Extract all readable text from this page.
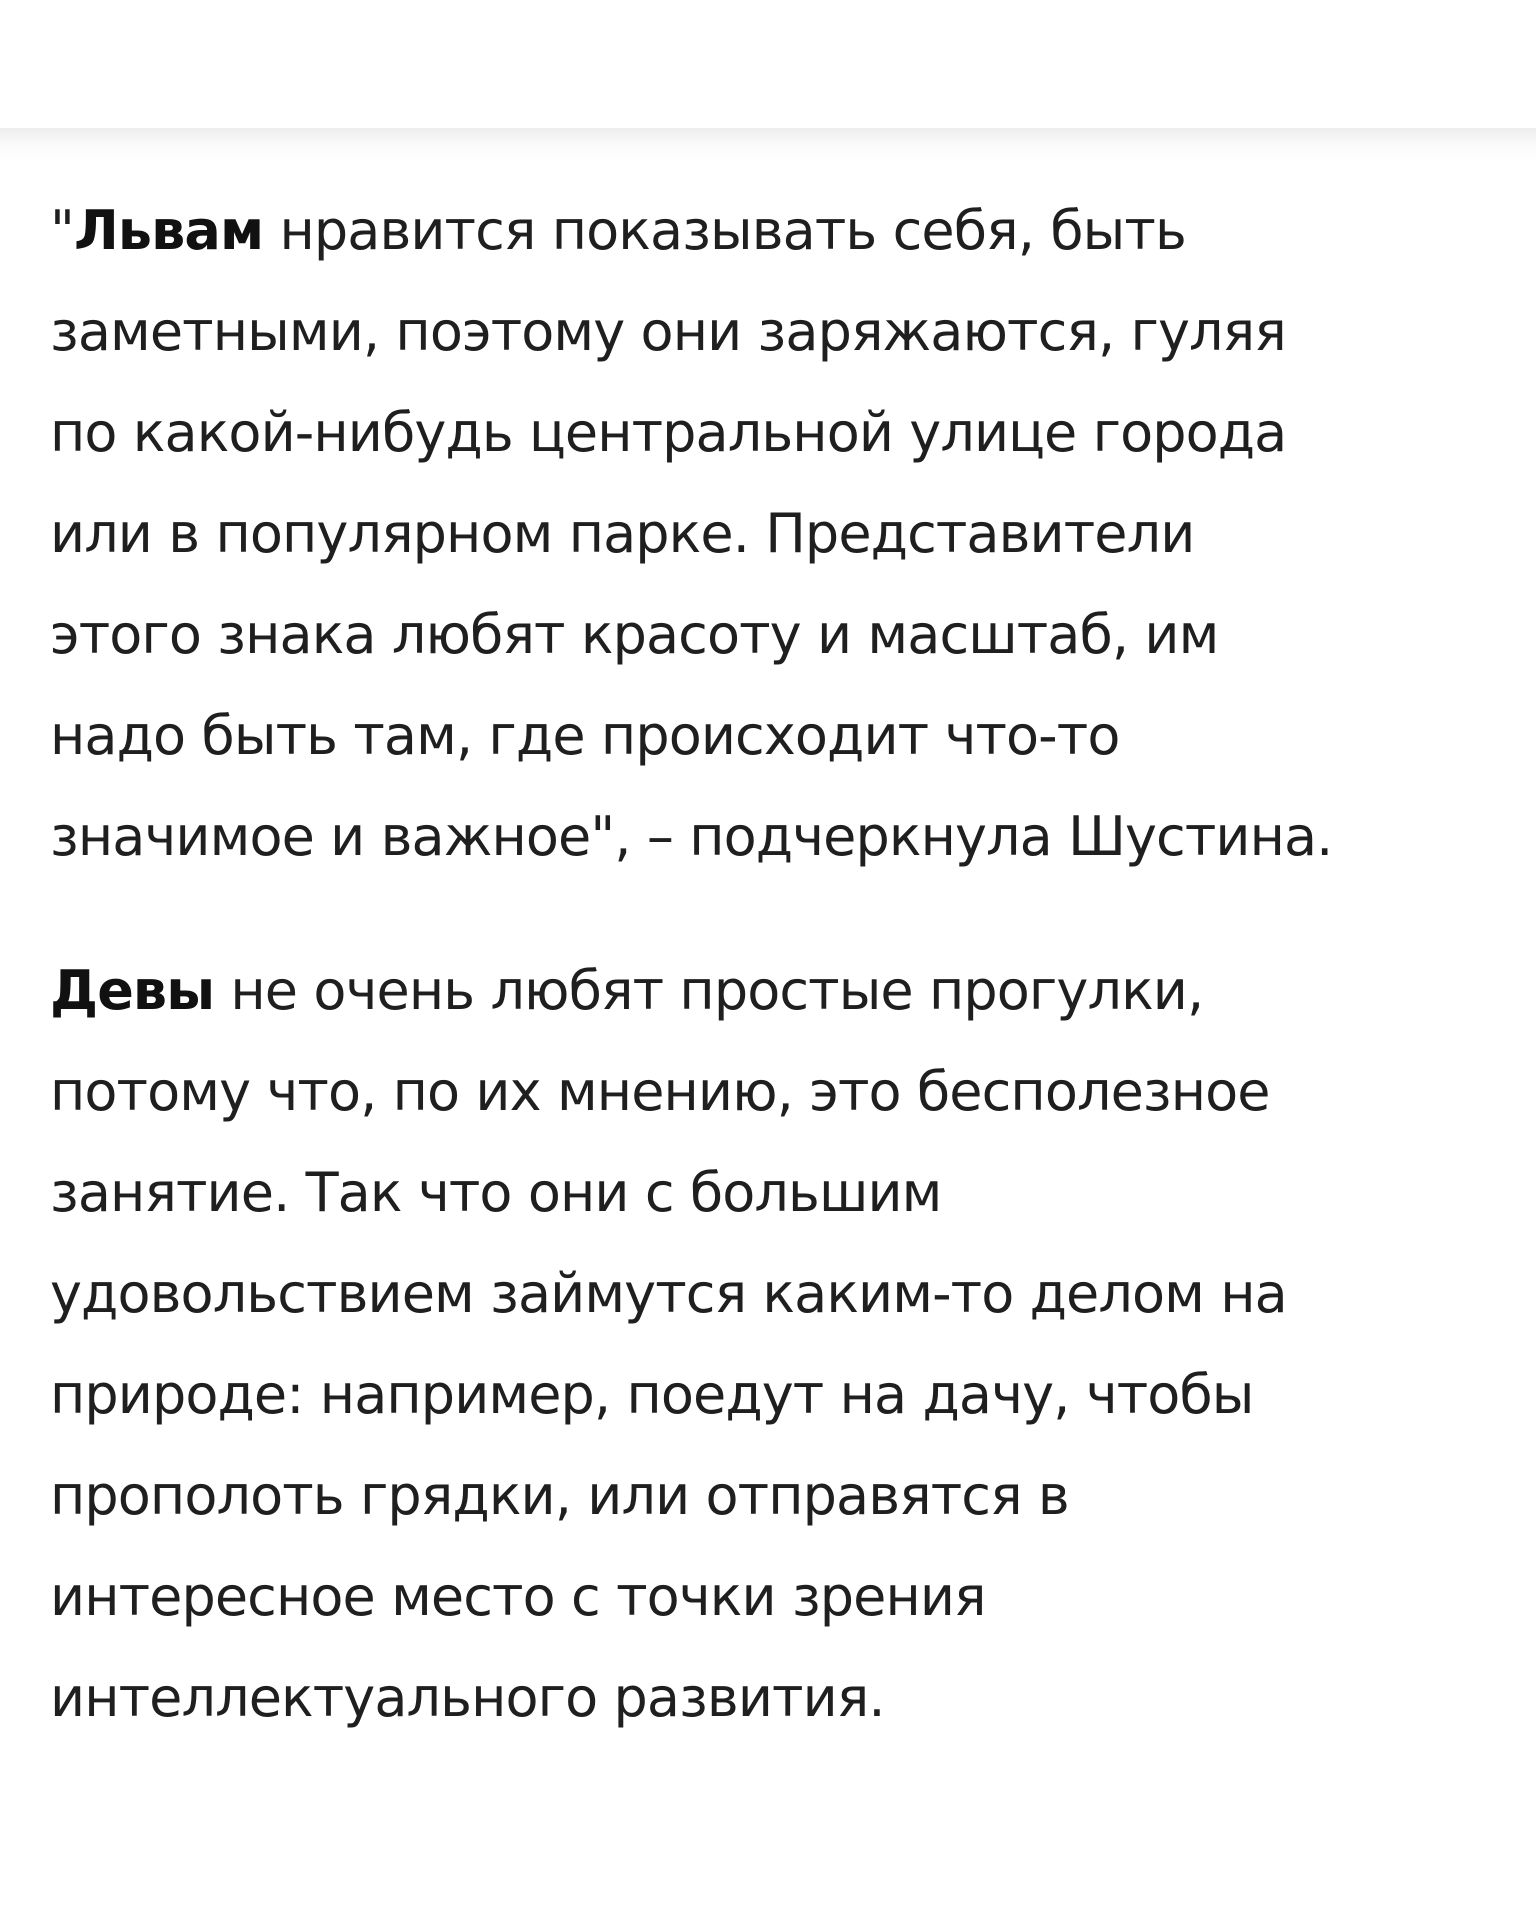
"Львам нравится показывать себя, быть
заметными, поэтому они заряжаются, гуляя
по какой-нибудь центральной улице города
или в популярном парке. Представители
этого знака любят красоту и масштаб, им
надо быть там, где происходит что-то
значимое и важное", – подчеркнула Шустина.

Девы не очень любят простые прогулки,
потому что, по их мнению, это бесполезное
занятие. Так что они с большим
удовольствием займутся каким-то делом на
природе: например, поедут на дачу, чтобы
прополоть грядки, или отправятся в
интересное место с точки зрения
интеллектуального развития.
